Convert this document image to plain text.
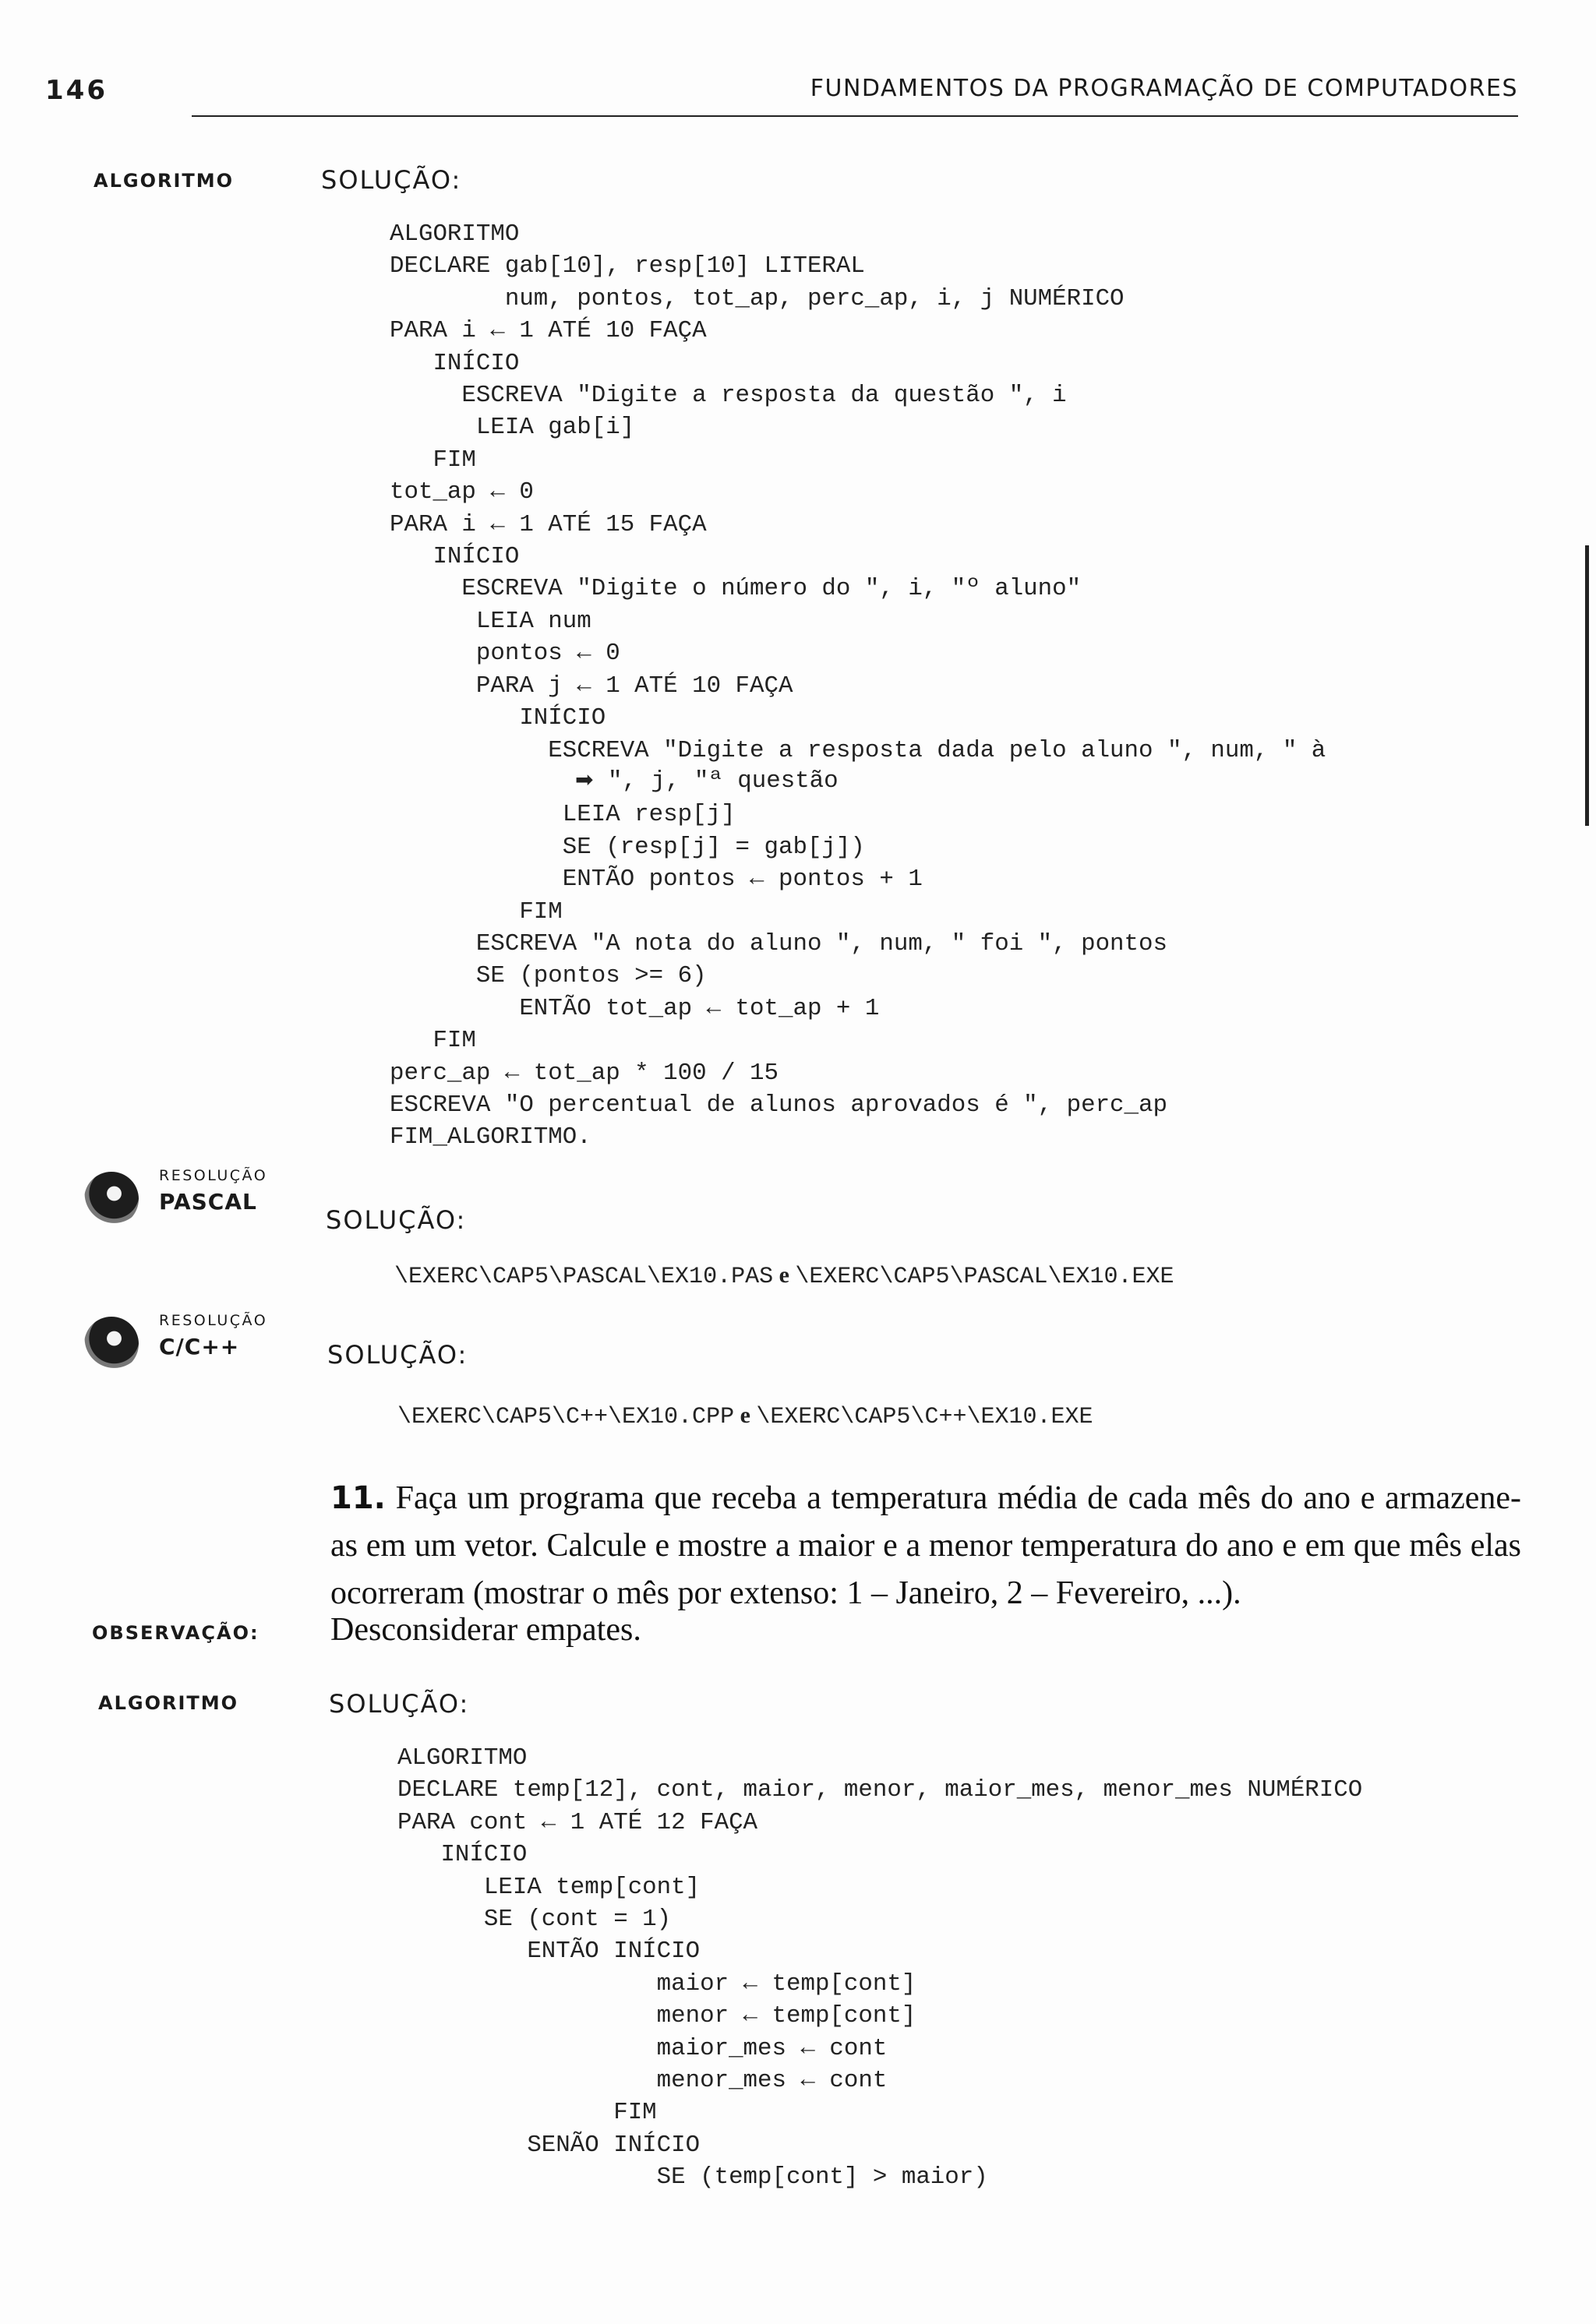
146	FUNDAMENTOS DA PROGRAMAÇÃO DE COMPUTADORES
ALGORITMO	SOLUÇÃO:
ALGORITMO
DECLARE gab[10], resp[10] LITERAL
num, pontos, tot_ap, perc_ap, i, j NUMÉRICO
PARA i ← 1 ATÉ 10 FAÇA
INÍCIO
ESCREVA "Digite a resposta da questão ", i
LEIA gab[i]
FIM
tot_ap ← 0
PARA i ← 1 ATÉ 15 FAÇA
INÍCIO
ESCREVA "Digite o número do ", i, "º aluno"
LEIA num
pontos ← 0
PARA j ← 1 ATÉ 10 FAÇA
INÍCIO
ESCREVA "Digite a resposta dada pelo aluno ", num, " à

LEIA resp[j]
SE (resp[j] = gab[j])
ENTÃO pontos ← pontos + 1
FIM
ESCREVA "A nota do aluno ", num, " foi ", pontos
SE (pontos >= 6)
ENTÃO tot_ap ← tot_ap + 1
FIM
perc_ap ← tot_ap * 100 / 15
ESCREVA "O percentual de alunos aprovados é ", perc_ap
FIM_ALGORITMO.
➡ ", j, "ª questão
RESOLUÇÃO
PASCAL
SOLUÇÃO:
\EXERC\CAP5\PASCAL\EX10.PAS e \EXERC\CAP5\PASCAL\EX10.EXE
RESOLUÇÃO
C/C++	SOLUÇÃO:
\EXERC\CAP5\C++\EX10.CPP e \EXERC\CAP5\C++\EX10.EXE
11. Faça um programa que receba a temperatura média de cada mês do ano e armazene-as em um vetor. Calcule e mostre a maior e a menor temperatura do ano e em que mês elas ocorreram (mostrar o mês por extenso: 1 – Janeiro, 2 – Fevereiro, ...).
OBSERVAÇÃO: Desconsiderar empates.
ALGORITMO	SOLUÇÃO:
ALGORITMO
DECLARE temp[12], cont, maior, menor, maior_mes, menor_mes NUMÉRICO
PARA cont ← 1 ATÉ 12 FAÇA
INÍCIO
LEIA temp[cont]
SE (cont = 1)
ENTÃO INÍCIO
maior ← temp[cont]
menor ← temp[cont]
maior_mes ← cont
menor_mes ← cont
FIM
SENÃO INÍCIO
SE (temp[cont] > maior)
